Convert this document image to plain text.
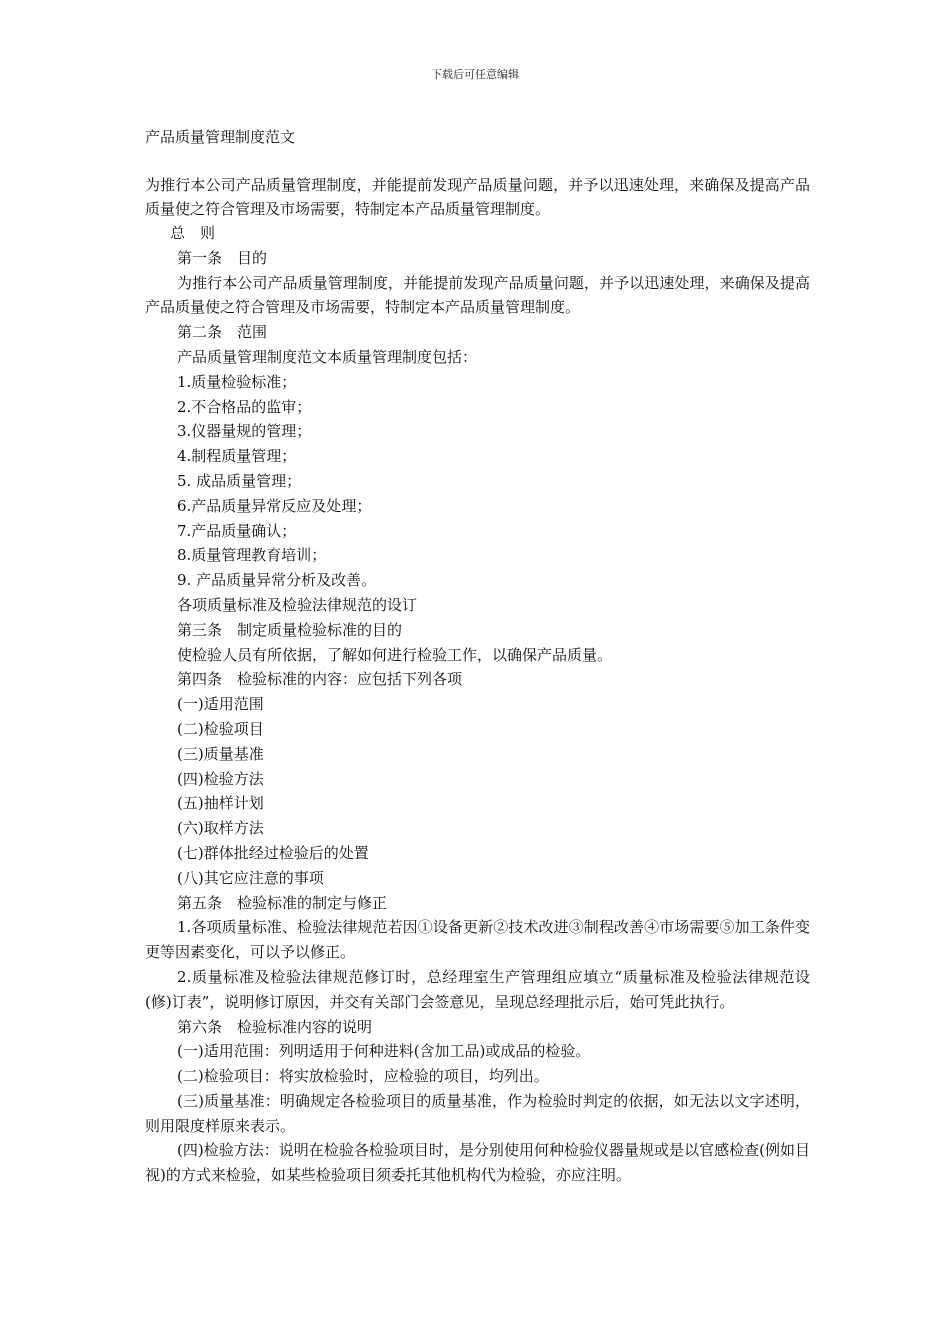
下载后可任意编辑

产品质量管理制度范文

为推行本公司产品质量管理制度，并能提前发现产品质量问题，并予以迅速处理，来确保及提高产品质量使之符合管理及市场需要，特制定本产品质量管理制度。

总　则

第一条　目的

为推行本公司产品质量管理制度，并能提前发现产品质量问题，并予以迅速处理，来确保及提高产品质量使之符合管理及市场需要，特制定本产品质量管理制度。

第二条　范围

产品质量管理制度范文本质量管理制度包括：

1.质量检验标准；

2.不合格品的监审；

3.仪器量规的管理；

4.制程质量管理；

5. 成品质量管理；

6.产品质量异常反应及处理；

7.产品质量确认；

8.质量管理教育培训；

9. 产品质量异常分析及改善。

各项质量标准及检验法律规范的设订

第三条　制定质量检验标准的目的

使检验人员有所依据，了解如何进行检验工作，以确保产品质量。

第四条　检验标准的内容：应包括下列各项

(一)适用范围

(二)检验项目

(三)质量基准

(四)检验方法

(五)抽样计划

(六)取样方法

(七)群体批经过检验后的处置

(八)其它应注意的事项

第五条　检验标准的制定与修正

1.各项质量标准、检验法律规范若因①设备更新②技术改进③制程改善④市场需要⑤加工条件变更等因素变化，可以予以修正。

2.质量标准及检验法律规范修订时，总经理室生产管理组应填立“质量标准及检验法律规范设(修)订表”，说明修订原因，并交有关部门会签意见，呈现总经理批示后，始可凭此执行。

第六条　检验标准内容的说明

(一)适用范围：列明适用于何种进料(含加工品)或成品的检验。

(二)检验项目：将实放检验时，应检验的项目，均列出。

(三)质量基准：明确规定各检验项目的质量基准，作为检验时判定的依据，如无法以文字述明，则用限度样原来表示。

(四)检验方法：说明在检验各检验项目时，是分别使用何种检验仪器量规或是以官感检查(例如目视)的方式来检验，如某些检验项目须委托其他机构代为检验，亦应注明。
